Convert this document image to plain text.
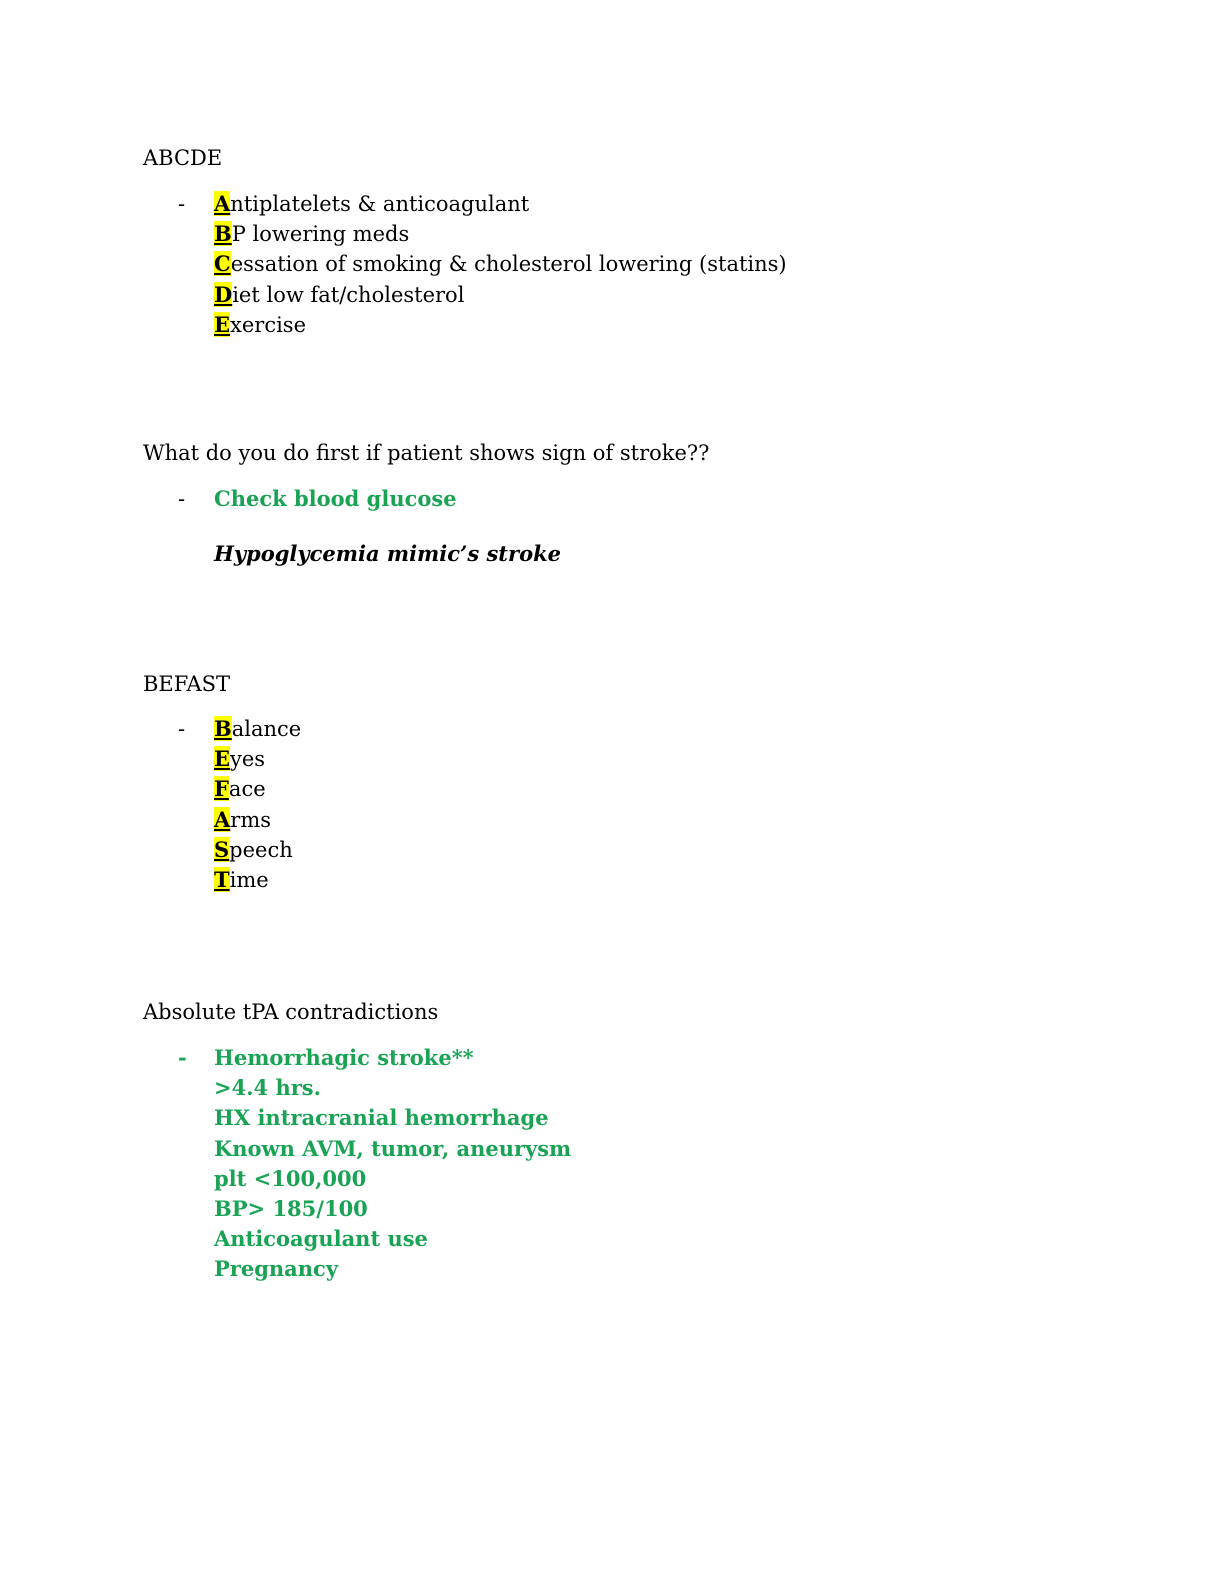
ABCDE
- Antiplatelets & anticoagulant
BP lowering meds
Cessation of smoking & cholesterol lowering (statins)
Diet low fat/cholesterol
Exercise
What do you do first if patient shows sign of stroke??
- Check blood glucose
Hypoglycemia mimic’s stroke
BEFAST
- Balance
Eyes
Face
Arms
Speech
Time
Absolute tPA contradictions
- Hemorrhagic stroke**
>4.4 hrs.
HX intracranial hemorrhage
Known AVM, tumor, aneurysm
plt <100,000
BP> 185/100
Anticoagulant use
Pregnancy
